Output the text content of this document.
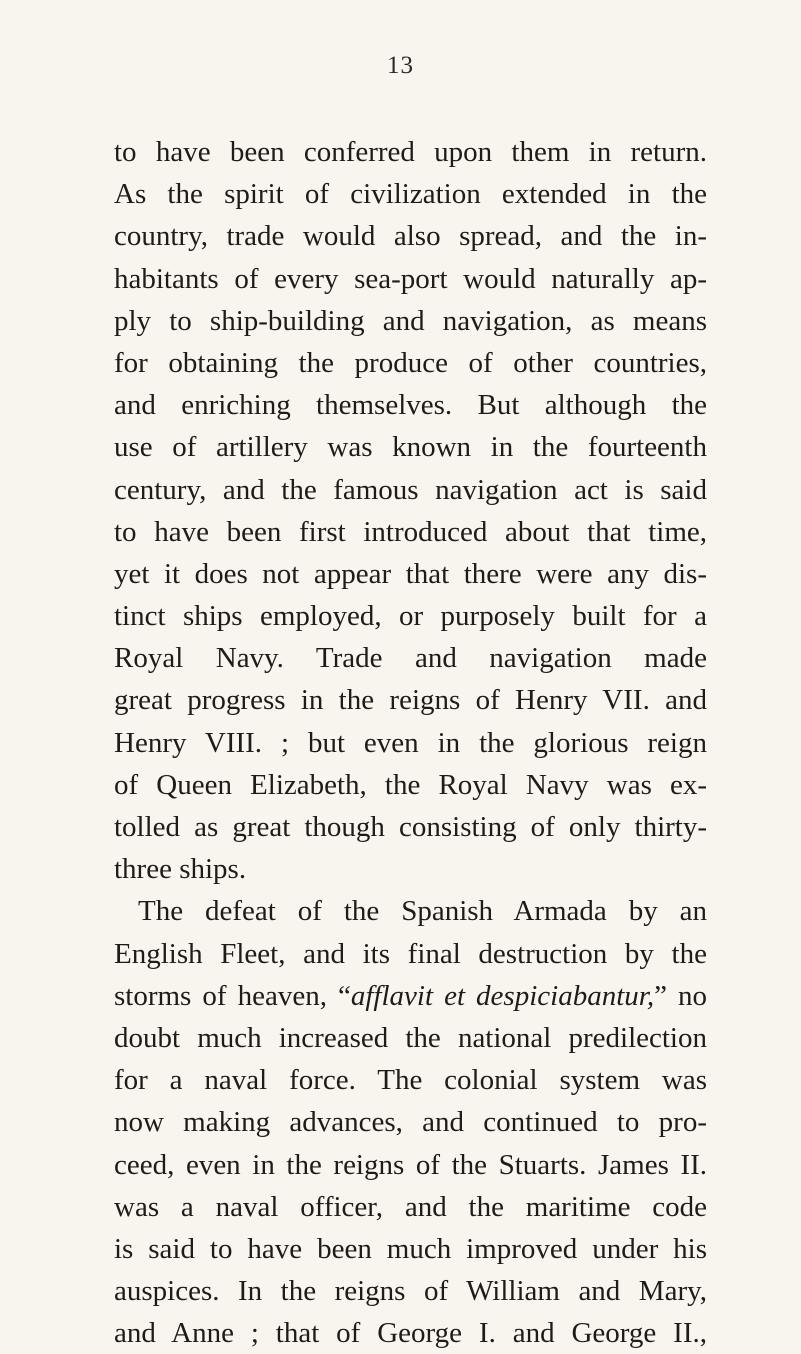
13
to have been conferred upon them in return.
As the spirit of civilization extended in the
country, trade would also spread, and the in-
habitants of every sea-port would naturally ap-
ply to ship-building and navigation, as means
for obtaining the produce of other countries,
and enriching themselves. But although the
use of artillery was known in the fourteenth
century, and the famous navigation act is said
to have been first introduced about that time,
yet it does not appear that there were any dis-
tinct ships employed, or purposely built for a
Royal Navy. Trade and navigation made
great progress in the reigns of Henry VII. and
Henry VIII. ; but even in the glorious reign
of Queen Elizabeth, the Royal Navy was ex-
tolled as great though consisting of only thirty-
three ships.
The defeat of the Spanish Armada by an
English Fleet, and its final destruction by the
storms of heaven, “afflavit et despiciabantur,” no
doubt much increased the national predilection
for a naval force. The colonial system was
now making advances, and continued to pro-
ceed, even in the reigns of the Stuarts. James II.
was a naval officer, and the maritime code
is said to have been much improved under his
auspices. In the reigns of William and Mary,
and Anne ; that of George I. and George II.,
